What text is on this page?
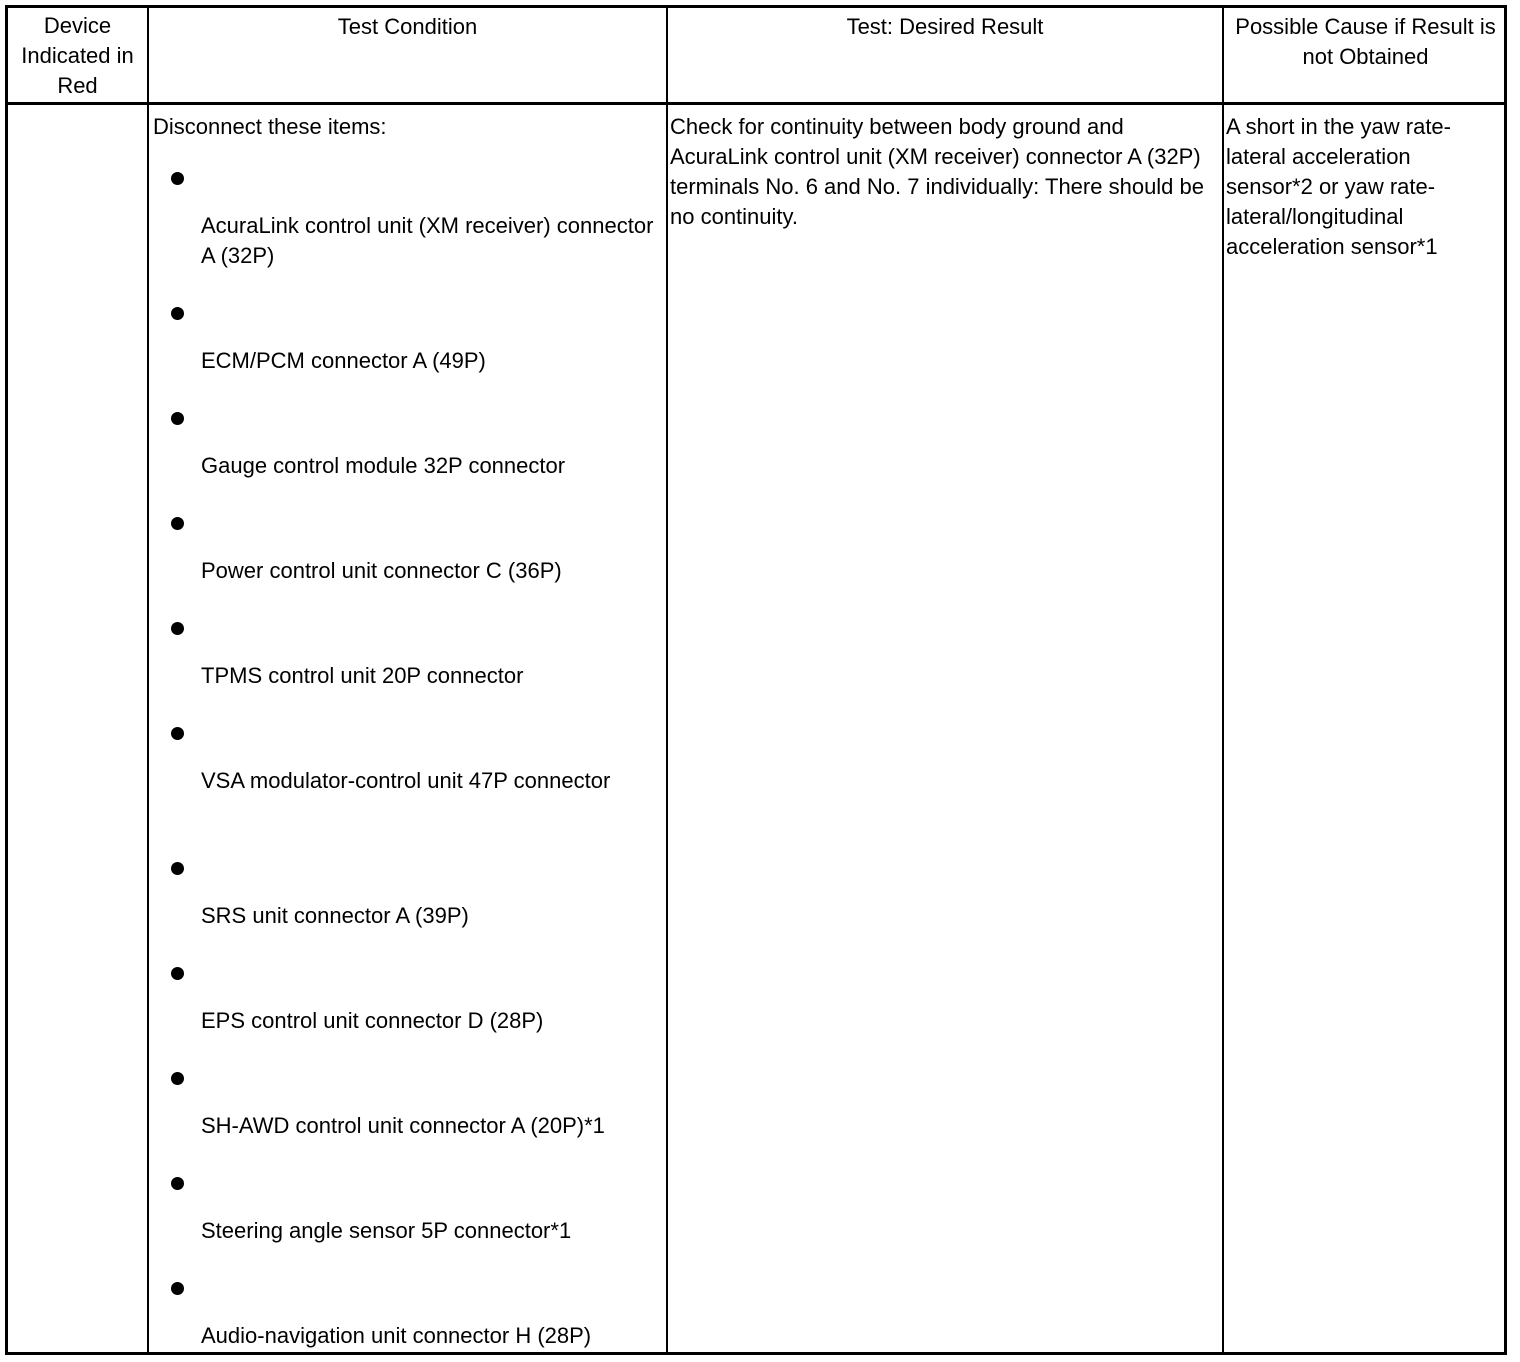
Device Indicated in Red
Test Condition	Test: Desired Result	Possible Cause if Result is not Obtained
Disconnect these items:
AcuraLink control unit (XM receiver) connector A (32P)
ECM/PCM connector A (49P)
Gauge control module 32P connector
Power control unit connector C (36P)
TPMS control unit 20P connector
VSA modulator-control unit 47P connector
SRS unit connector A (39P)
EPS control unit connector D (28P)
SH-AWD control unit connector A (20P)*1
Steering angle sensor 5P connector*1
Audio-navigation unit connector H (28P)
Check for continuity between body ground and AcuraLink control unit (XM receiver) connector A (32P) terminals No. 6 and No. 7 individually: There should be no continuity.
A short in the yaw rate-lateral acceleration sensor*2 or yaw rate-lateral/longitudinal acceleration sensor*1
